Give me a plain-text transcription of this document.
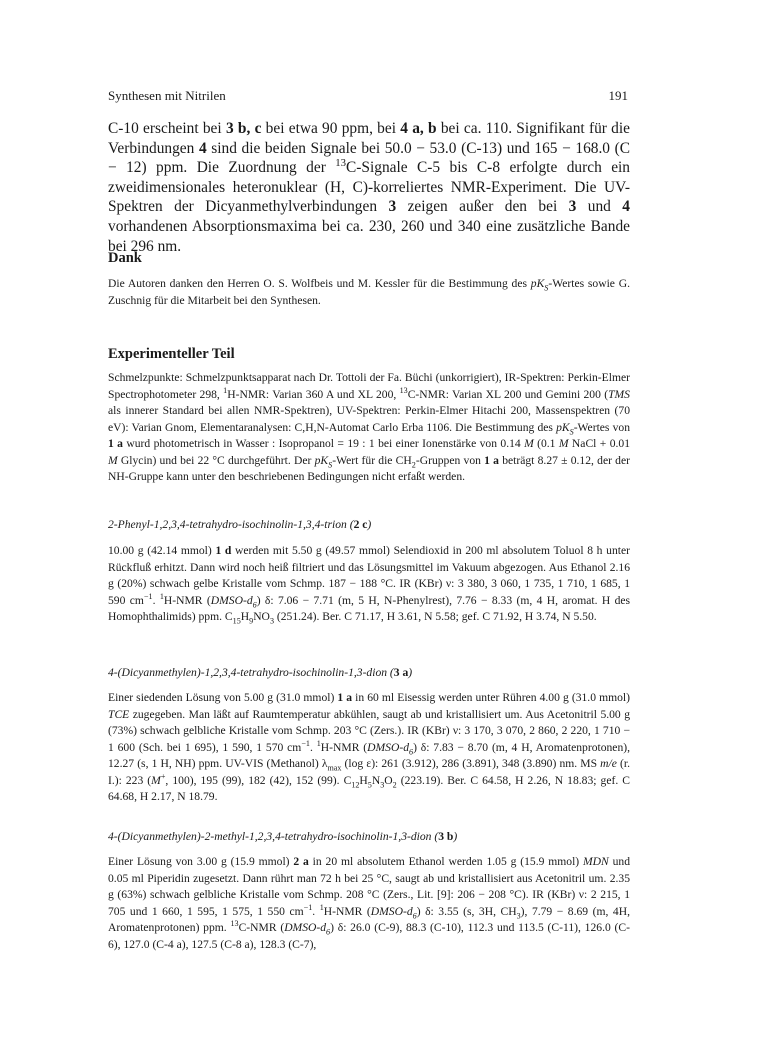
Synthesen mit Nitrilen	191
C-10 erscheint bei 3 b, c bei etwa 90 ppm, bei 4 a, b bei ca. 110. Signifikant für die Verbindungen 4 sind die beiden Signale bei 50.0 − 53.0 (C-13) und 165 − 168.0 (C − 12) ppm. Die Zuordnung der $^{13}$C-Signale C-5 bis C-8 erfolgte durch ein zweidimensionales heteronuklear (H, C)-korreliertes NMR-Experiment. Die UV-Spektren der Dicyanmethylverbindungen 3 zeigen außer den bei 3 und 4 vorhandenen Absorptionsmaxima bei ca. 230, 260 und 340 eine zusätzliche Bande bei 296 nm.
Dank
Die Autoren danken den Herren O. S. Wolfbeis und M. Kessler für die Bestimmung des $pK_S$-Wertes sowie G. Zuschnig für die Mitarbeit bei den Synthesen.
Experimenteller Teil
Schmelzpunkte: Schmelzpunktsapparat nach Dr. Tottoli der Fa. Büchi (unkorrigiert), IR-Spektren: Perkin-Elmer Spectrophotometer 298, $^1$H-NMR: Varian 360 A und XL 200, $^{13}$C-NMR: Varian XL 200 und Gemini 200 (TMS als innerer Standard bei allen NMR-Spektren), UV-Spektren: Perkin-Elmer Hitachi 200, Massenspektren (70 eV): Varian Gnom, Elementaranalysen: C,H,N-Automat Carlo Erba 1106. Die Bestimmung des $pK_S$-Wertes von 1 a wurd photometrisch in Wasser : Isopropanol = 19 : 1 bei einer Ionenstärke von 0.14 M (0.1 M NaCl + 0.01 M Glycin) und bei 22 °C durchgeführt. Der $pK_S$-Wert für die $CH_2$-Gruppen von 1 a beträgt 8.27 ± 0.12, der der NH-Gruppe kann unter den beschriebenen Bedingungen nicht erfaßt werden.
2-Phenyl-1,2,3,4-tetrahydro-isochinolin-1,3,4-trion (2 c)
10.00 g (42.14 mmol) 1 d werden mit 5.50 g (49.57 mmol) Selendioxid in 200 ml absolutem Toluol 8 h unter Rückfluß erhitzt. Dann wird noch heiß filtriert und das Lösungsmittel im Vakuum abgezogen. Aus Ethanol 2.16 g (20%) schwach gelbe Kristalle vom Schmp. 187 − 188 °C. IR (KBr) ν: 3 380, 3 060, 1 735, 1 710, 1 685, 1 590 $cm^{-1}$. $^1$H-NMR $(DMSO-d_6)$ δ: 7.06 − 7.71 (m, 5 H, N-Phenylrest), 7.76 − 8.33 (m, 4 H, aromat. H des Homophthalimids) ppm. $C_{15}H_9NO_3$ (251.24). Ber. C 71.17, H 3.61, N 5.58; gef. C 71.92, H 3.74, N 5.50.
4-(Dicyanmethylen)-1,2,3,4-tetrahydro-isochinolin-1,3-dion (3 a)
Einer siedenden Lösung von 5.00 g (31.0 mmol) 1 a in 60 ml Eisessig werden unter Rühren 4.00 g (31.0 mmol) TCE zugegeben. Man läßt auf Raumtemperatur abkühlen, saugt ab und kristallisiert um. Aus Acetonitril 5.00 g (73%) schwach gelbliche Kristalle vom Schmp. 203 °C (Zers.). IR (KBr) ν: 3 170, 3 070, 2 860, 2 220, 1 710 − 1 600 (Sch. bei 1 695), 1 590, 1 570 $cm^{-1}$. $^1$H-NMR $(DMSO-d_6)$ δ: 7.83 − 8.70 (m, 4 H, Aromatenprotonen), 12.27 (s, 1 H, NH) ppm. UV-VIS (Methanol) $\lambda_{max}$ (log ε): 261 (3.912), 286 (3.891), 348 (3.890) nm. MS m/e (r. I.): 223 (M+, 100), 195 (99), 182 (42), 152 (99). $C_{12}H_5N_3O_2$ (223.19). Ber. C 64.58, H 2.26, N 18.83; gef. C 64.68, H 2.17, N 18.79.
4-(Dicyanmethylen)-2-methyl-1,2,3,4-tetrahydro-isochinolin-1,3-dion (3 b)
Einer Lösung von 3.00 g (15.9 mmol) 2 a in 20 ml absolutem Ethanol werden 1.05 g (15.9 mmol) MDN und 0.05 ml Piperidin zugesetzt. Dann rührt man 72 h bei 25 °C, saugt ab und kristallisiert aus Acetonitril um. 2.35 g (63%) schwach gelbliche Kristalle vom Schmp. 208 °C (Zers., Lit. [9]: 206 − 208 °C). IR (KBr) ν: 2 215, 1 705 und 1 660, 1 595, 1 575, 1 550 $cm^{-1}$. $^1$H-NMR $(DMSO-d_6)$ δ: 3.55 (s, 3H, $CH_3$), 7.79 − 8.69 (m, 4H, Aromatenprotonen) ppm. $^{13}$C-NMR $(DMSO-d_6)$ δ: 26.0 (C-9), 88.3 (C-10), 112.3 und 113.5 (C-11), 126.0 (C-6), 127.0 (C-4 a), 127.5 (C-8 a), 128.3 (C-7),
